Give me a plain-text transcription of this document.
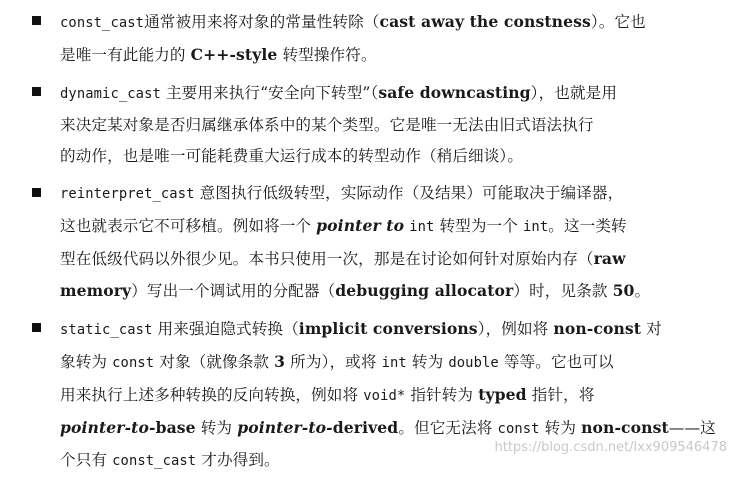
const_cast通常被用来将对象的常量性转除（cast away the constness）。它也
是唯一有此能力的 C++-style 转型操作符。
dynamic_cast 主要用来执行“安全向下转型”（safe downcasting），也就是用
来决定某对象是否归属继承体系中的某个类型。它是唯一无法由旧式语法执行
的动作，也是唯一可能耗费重大运行成本的转型动作（稍后细谈）。
reinterpret_cast 意图执行低级转型，实际动作（及结果）可能取决于编译器，
这也就表示它不可移植。例如将一个 pointer to int 转型为一个 int。这一类转
型在低级代码以外很少见。本书只使用一次，那是在讨论如何针对原始内存（raw
memory）写出一个调试用的分配器（debugging allocator）时，见条款 50。
static_cast 用来强迫隐式转换（implicit conversions），例如将 non-const 对
象转为 const 对象（就像条款 3 所为），或将 int 转为 double 等等。它也可以
用来执行上述多种转换的反向转换，例如将 void* 指针转为 typed 指针，将
pointer-to-base 转为 pointer-to-derived。但它无法将 const 转为 non-const——这
个只有 const_cast 才办得到。
https://blog.csdn.net/lxx909546478
